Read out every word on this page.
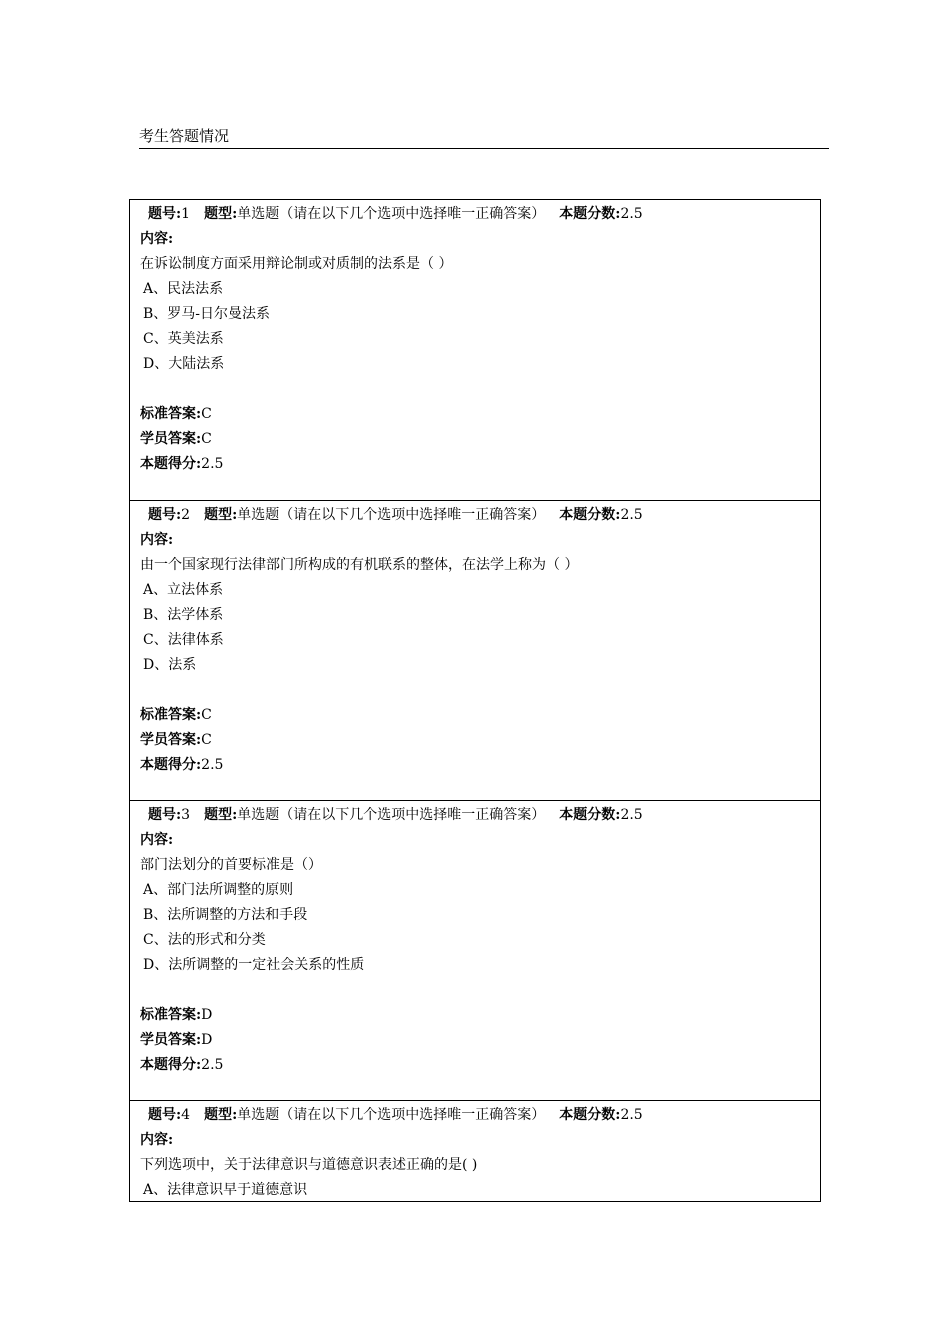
考生答题情况
题号:1 题型:单选题（请在以下几个选项中选择唯一正确答案） 本题分数:2.5
内容:
在诉讼制度方面采用辩论制或对质制的法系是（ ）
A、民法法系
B、罗马-日尔曼法系
C、英美法系
D、大陆法系
标准答案:C
学员答案:C
本题得分:2.5
题号:2 题型:单选题（请在以下几个选项中选择唯一正确答案） 本题分数:2.5
内容:
由一个国家现行法律部门所构成的有机联系的整体，在法学上称为（ ）
A、立法体系
B、法学体系
C、法律体系
D、法系
标准答案:C
学员答案:C
本题得分:2.5
题号:3 题型:单选题（请在以下几个选项中选择唯一正确答案） 本题分数:2.5
内容:
部门法划分的首要标准是（）
A、部门法所调整的原则
B、法所调整的方法和手段
C、法的形式和分类
D、法所调整的一定社会关系的性质
标准答案:D
学员答案:D
本题得分:2.5
题号:4 题型:单选题（请在以下几个选项中选择唯一正确答案） 本题分数:2.5
内容:
下列选项中，关于法律意识与道德意识表述正确的是( )
A、法律意识早于道德意识
